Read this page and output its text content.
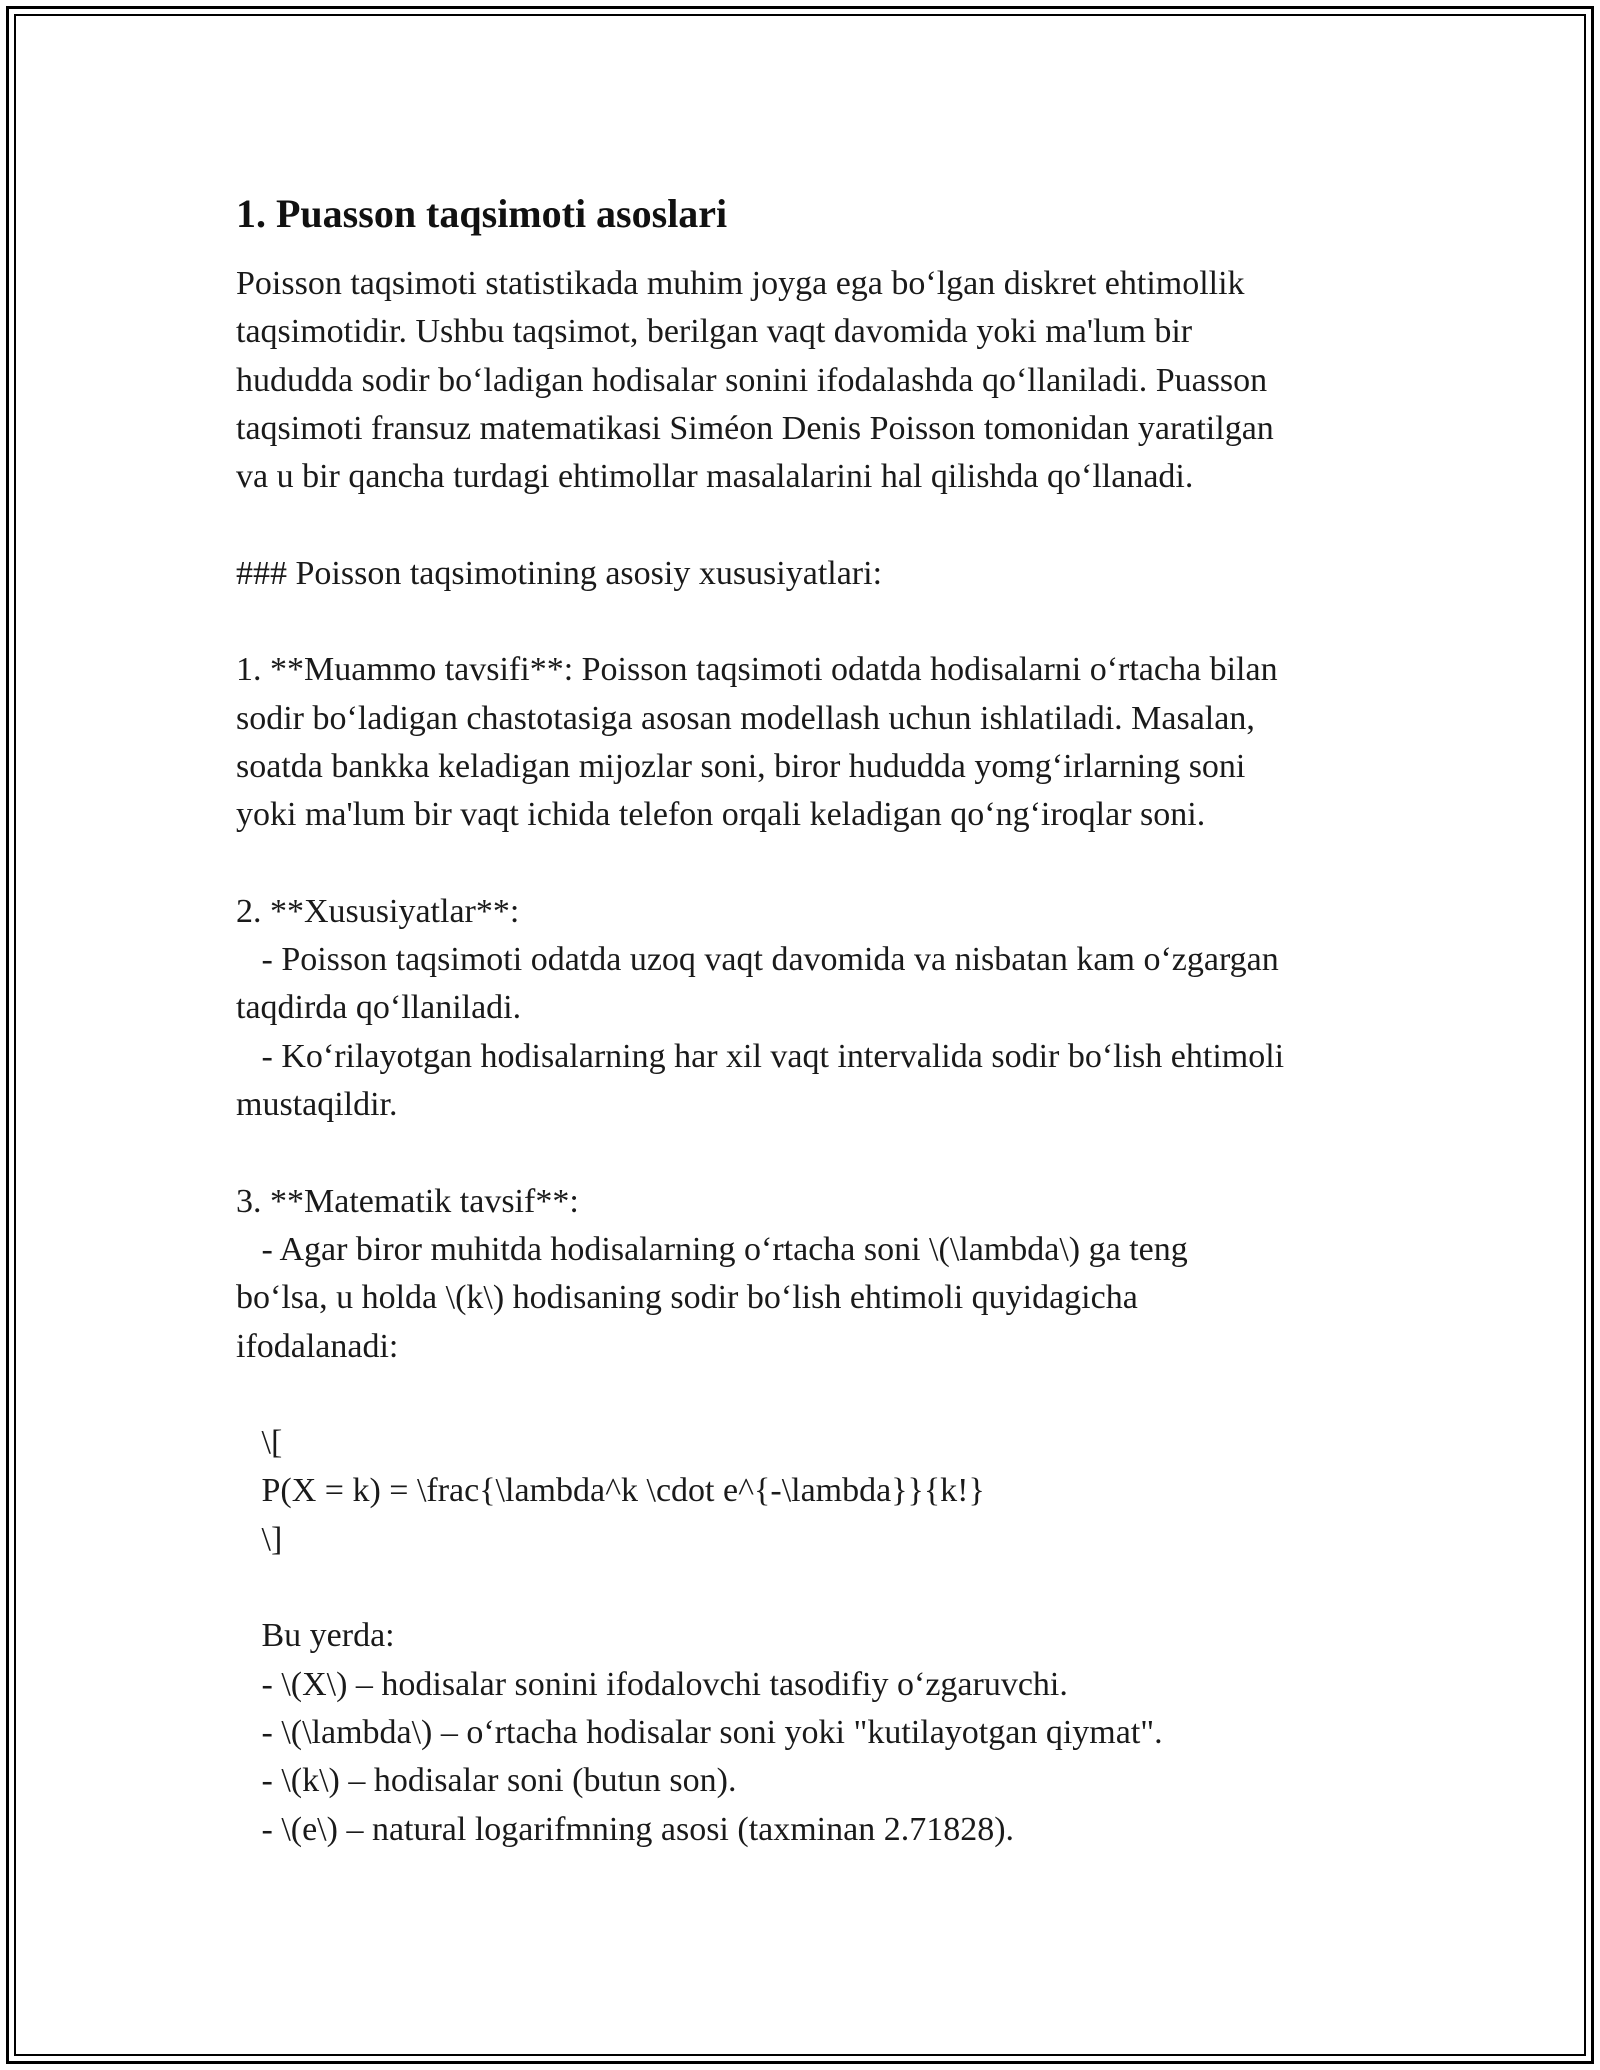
1. Puasson taqsimoti asoslari

Poisson taqsimoti statistikada muhim joyga ega bo‘lgan diskret ehtimollik
taqsimotidir. Ushbu taqsimot, berilgan vaqt davomida yoki ma'lum bir
hududda sodir bo‘ladigan hodisalar sonini ifodalashda qo‘llaniladi. Puasson
taqsimoti fransuz matematikasi Siméon Denis Poisson tomonidan yaratilgan
va u bir qancha turdagi ehtimollar masalalarini hal qilishda qo‘llanadi.

### Poisson taqsimotining asosiy xususiyatlari:

1. **Muammo tavsifi**: Poisson taqsimoti odatda hodisalarni o‘rtacha bilan
sodir bo‘ladigan chastotasiga asosan modellash uchun ishlatiladi. Masalan,
soatda bankka keladigan mijozlar soni, biror hududda yomg‘irlarning soni
yoki ma'lum bir vaqt ichida telefon orqali keladigan qo‘ng‘iroqlar soni.

2. **Xususiyatlar**:
- Poisson taqsimoti odatda uzoq vaqt davomida va nisbatan kam o‘zgargan
taqdirda qo‘llaniladi.
- Ko‘rilayotgan hodisalarning har xil vaqt intervalida sodir bo‘lish ehtimoli
mustaqildir.

3. **Matematik tavsif**:
- Agar biror muhitda hodisalarning o‘rtacha soni \(\lambda\) ga teng
bo‘lsa, u holda \(k\) hodisaning sodir bo‘lish ehtimoli quyidagicha
ifodalanadi:

\[
P(X = k) = \frac{\lambda^k \cdot e^{-\lambda}}{k!}
\]

Bu yerda:
- \(X\) – hodisalar sonini ifodalovchi tasodifiy o‘zgaruvchi.
- \(\lambda\) – o‘rtacha hodisalar soni yoki "kutilayotgan qiymat".
- \(k\) – hodisalar soni (butun son).
- \(e\) – natural logarifmning asosi (taxminan 2.71828).
